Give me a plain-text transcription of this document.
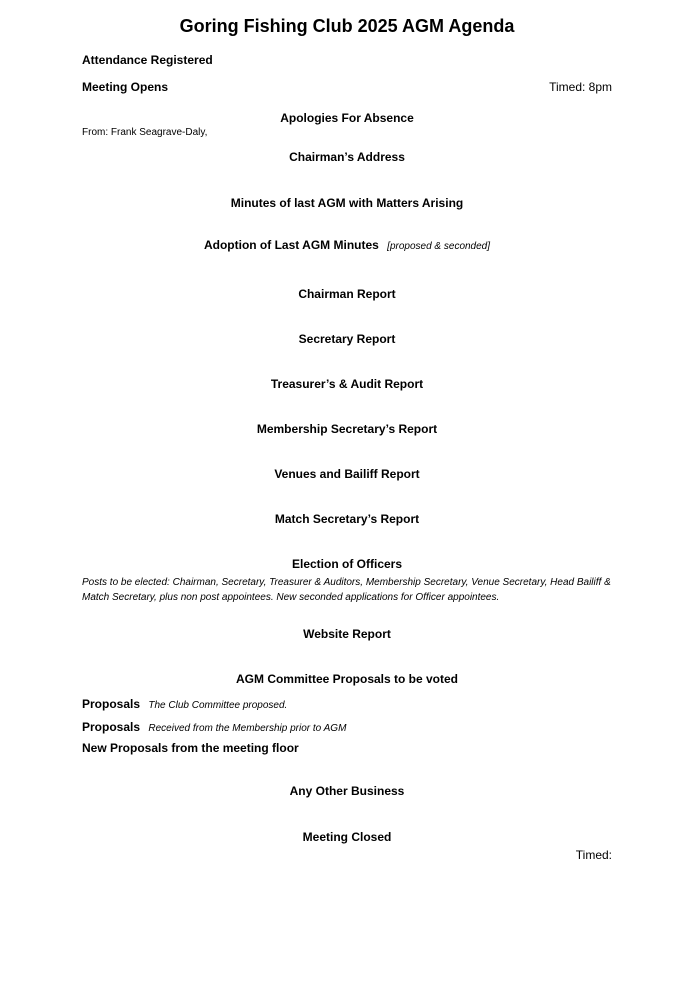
Goring Fishing Club 2025 AGM Agenda
Attendance Registered
Meeting Opens	Timed: 8pm
Apologies For Absence
From: Frank Seagrave-Daly,
Chairman’s Address
Minutes of last AGM with Matters Arising
Adoption of Last AGM Minutes [proposed & seconded]
Chairman Report
Secretary Report
Treasurer’s & Audit Report
Membership Secretary’s Report
Venues and Bailiff Report
Match Secretary’s Report
Election of Officers
Posts to be elected: Chairman, Secretary, Treasurer & Auditors, Membership Secretary, Venue Secretary, Head Bailiff & Match Secretary, plus non post appointees. New seconded applications for Officer appointees.
Website Report
AGM Committee Proposals to be voted
Proposals The Club Committee proposed.
Proposals Received from the Membership prior to AGM
New Proposals from the meeting floor
Any Other Business
Meeting Closed
Timed:
